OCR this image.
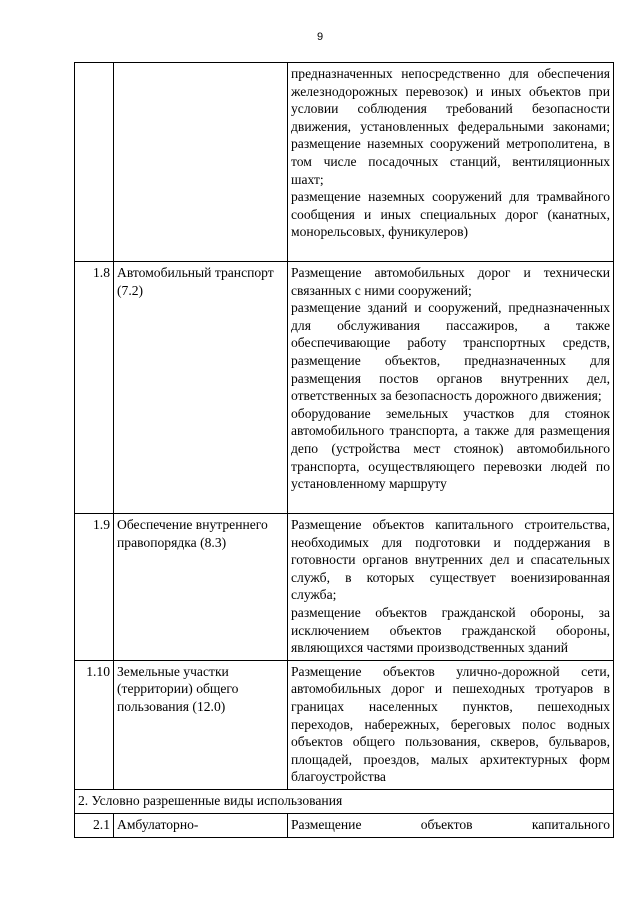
9

		предназначенных непосредственно для обеспечения железнодорожных перевозок) и иных объектов при условии соблюдения требований безопасности движения, установленных федеральными законами;

размещение наземных сооружений метрополитена, в том числе посадочных станций, вентиляционных шахт;

размещение наземных сооружений для трамвайного сообщения и иных специальных дорог (канатных, монорельсовых, фуникулеров)

1.8	Автомобильный транспорт (7.2)	Размещение автомобильных дорог и технически связанных с ними сооружений;

размещение зданий и сооружений, предназначенных для обслуживания пассажиров, а также обеспечивающие работу транспортных средств, размещение объектов, предназначенных для размещения постов органов внутренних дел, ответственных за безопасность дорожного движения;

оборудование земельных участков для стоянок автомобильного транспорта, а также для размещения депо (устройства мест стоянок) автомобильного транспорта, осуществляющего перевозки людей по установленному маршруту

1.9	Обеспечение внутреннего правопорядка (8.3)	Размещение объектов капитального строительства, необходимых для подготовки и поддержания в готовности органов внутренних дел и спасательных служб, в которых существует военизированная служба;

размещение объектов гражданской обороны, за исключением объектов гражданской обороны, являющихся частями производственных зданий

1.10	Земельные участки (территории) общего пользования (12.0)	Размещение объектов улично-дорожной сети, автомобильных дорог и пешеходных тротуаров в границах населенных пунктов, пешеходных переходов, набережных, береговых полос водных объектов общего пользования, скверов, бульваров, площадей, проездов, малых архитектурных форм благоустройства

2. Условно разрешенные виды использования		
2.1	Амбулаторно-	Размещение объектов капитального
